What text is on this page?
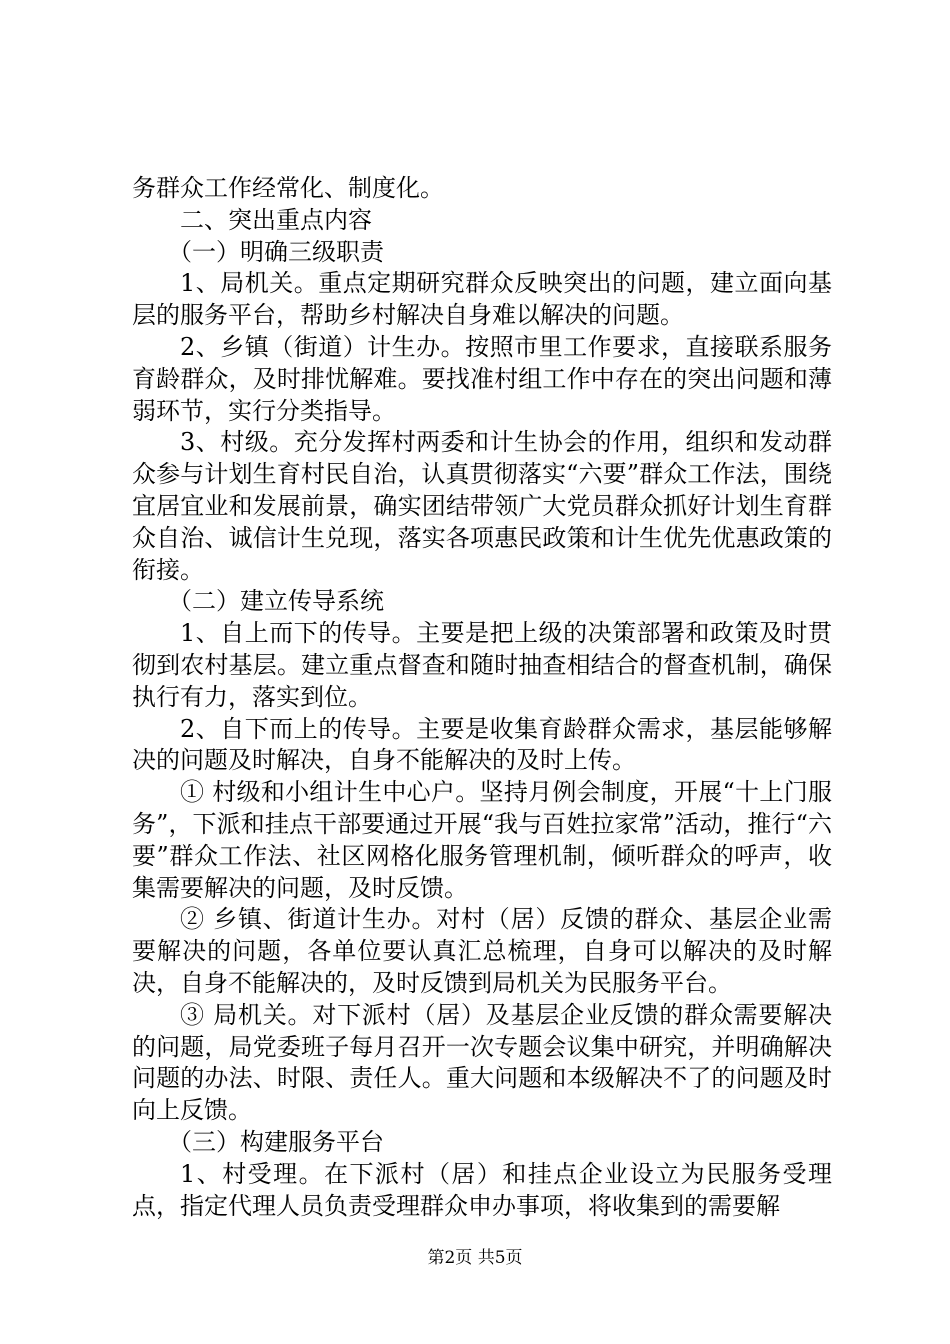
务群众工作经常化、制度化。

二、突出重点内容

（一）明确三级职责

1、局机关。重点定期研究群众反映突出的问题，建立面向基层的服务平台，帮助乡村解决自身难以解决的问题。

2、乡镇（街道）计生办。按照市里工作要求，直接联系服务育龄群众，及时排忧解难。要找准村组工作中存在的突出问题和薄弱环节，实行分类指导。

3、村级。充分发挥村两委和计生协会的作用，组织和发动群众参与计划生育村民自治，认真贯彻落实“六要”群众工作法，围绕宜居宜业和发展前景，确实团结带领广大党员群众抓好计划生育群众自治、诚信计生兑现，落实各项惠民政策和计生优先优惠政策的衔接。

（二）建立传导系统

1、自上而下的传导。主要是把上级的决策部署和政策及时贯彻到农村基层。建立重点督查和随时抽查相结合的督查机制，确保执行有力，落实到位。

2、自下而上的传导。主要是收集育龄群众需求，基层能够解决的问题及时解决，自身不能解决的及时上传。

① 村级和小组计生中心户。坚持月例会制度，开展“十上门服务”，下派和挂点干部要通过开展“我与百姓拉家常”活动，推行“六要”群众工作法、社区网格化服务管理机制，倾听群众的呼声，收集需要解决的问题，及时反馈。

② 乡镇、街道计生办。对村（居）反馈的群众、基层企业需要解决的问题，各单位要认真汇总梳理，自身可以解决的及时解决，自身不能解决的，及时反馈到局机关为民服务平台。

③ 局机关。对下派村（居）及基层企业反馈的群众需要解决的问题，局党委班子每月召开一次专题会议集中研究，并明确解决问题的办法、时限、责任人。重大问题和本级解决不了的问题及时向上反馈。

（三）构建服务平台

1、村受理。在下派村（居）和挂点企业设立为民服务受理点，指定代理人员负责受理群众申办事项，将收集到的需要解

第2页 共5页
